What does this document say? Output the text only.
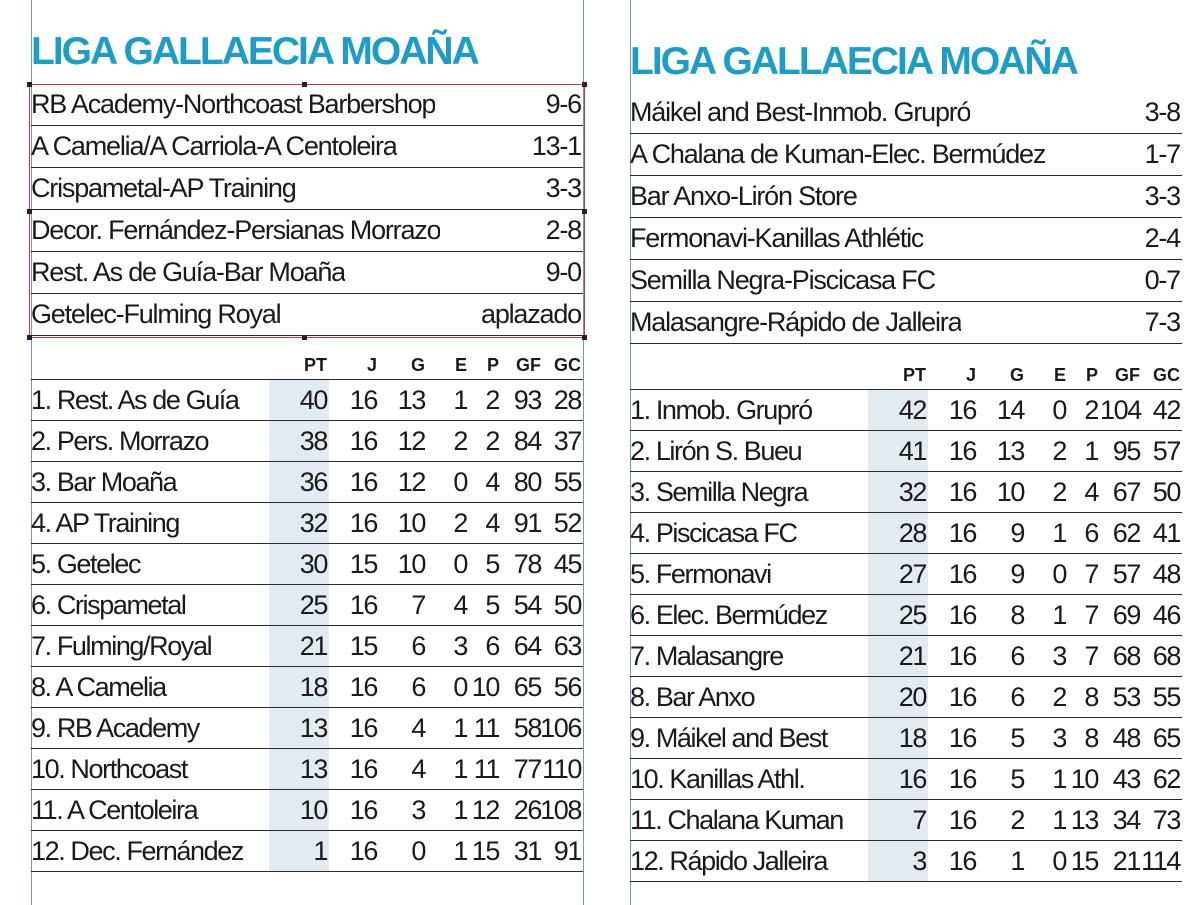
LIGA GALLAECIA MOAÑA
RB Academy-Northcoast Barbershop	9-6
A Camelia/A Carriola-A Centoleira	13-1
Crispametal-AP Training	3-3
Decor. Fernández-Persianas Morrazo	2-8
Rest. As de Guía-Bar Moaña	9-0
Getelec-Fulming Royal	aplazado
PT	J	G	E	P GF GC
1. Rest. As de Guía	40 16 13	1 2 93 28
2. Pers. Morrazo	38 16 12	2 2 84 37
3. Bar Moaña	36 16 12	0 4 80 55
4. AP Training	32 16 10	2 4 91 52
5. Getelec	30 15 10	0 5 78 45
6. Crispametal	25 16	7	4 5 54 50
7. Fulming/Royal	21 15	6	3 6 64 63
8. A Camelia	18 16	6	0 10 65 56
9. RB Academy	13 16	4	1 11 58 106
10. Northcoast	13 16	4	1 11 77 110
11. A Centoleira	10 16	3	1 12 26 108
12. Dec. Fernández	1 16	0	1 15 31 91
LIGA GALLAECIA MOAÑA
Máikel and Best-Inmob. Grupró	3-8
A Chalana de Kuman-Elec. Bermúdez	1-7
Bar Anxo-Lirón Store	3-3
Fermonavi-Kanillas Athlétic	2-4
Semilla Negra-Piscicasa FC	0-7
Malasangre-Rápido de Jalleira	7-3
PT	J	G	E	P GF GC
1. Inmob. Grupró	42 16 14	0 2 104 42
2. Lirón S. Bueu	41 16 13	2 1 95 57
3. Semilla Negra	32 16 10	2 4 67 50
4. Piscicasa FC	28 16	9	1 6 62 41
5. Fermonavi	27 16	9	0 7 57 48
6. Elec. Bermúdez	25 16	8	1 7 69 46
7. Malasangre	21 16	6	3 7 68 68
8. Bar Anxo	20 16	6	2 8 53 55
9. Máikel and Best	18 16	5	3 8 48 65
10. Kanillas Athl.	16 16	5	1 10 43 62
11. Chalana Kuman	7 16	2	1 13 34 73
12. Rápido Jalleira	3 16	1	0 15 21 114
